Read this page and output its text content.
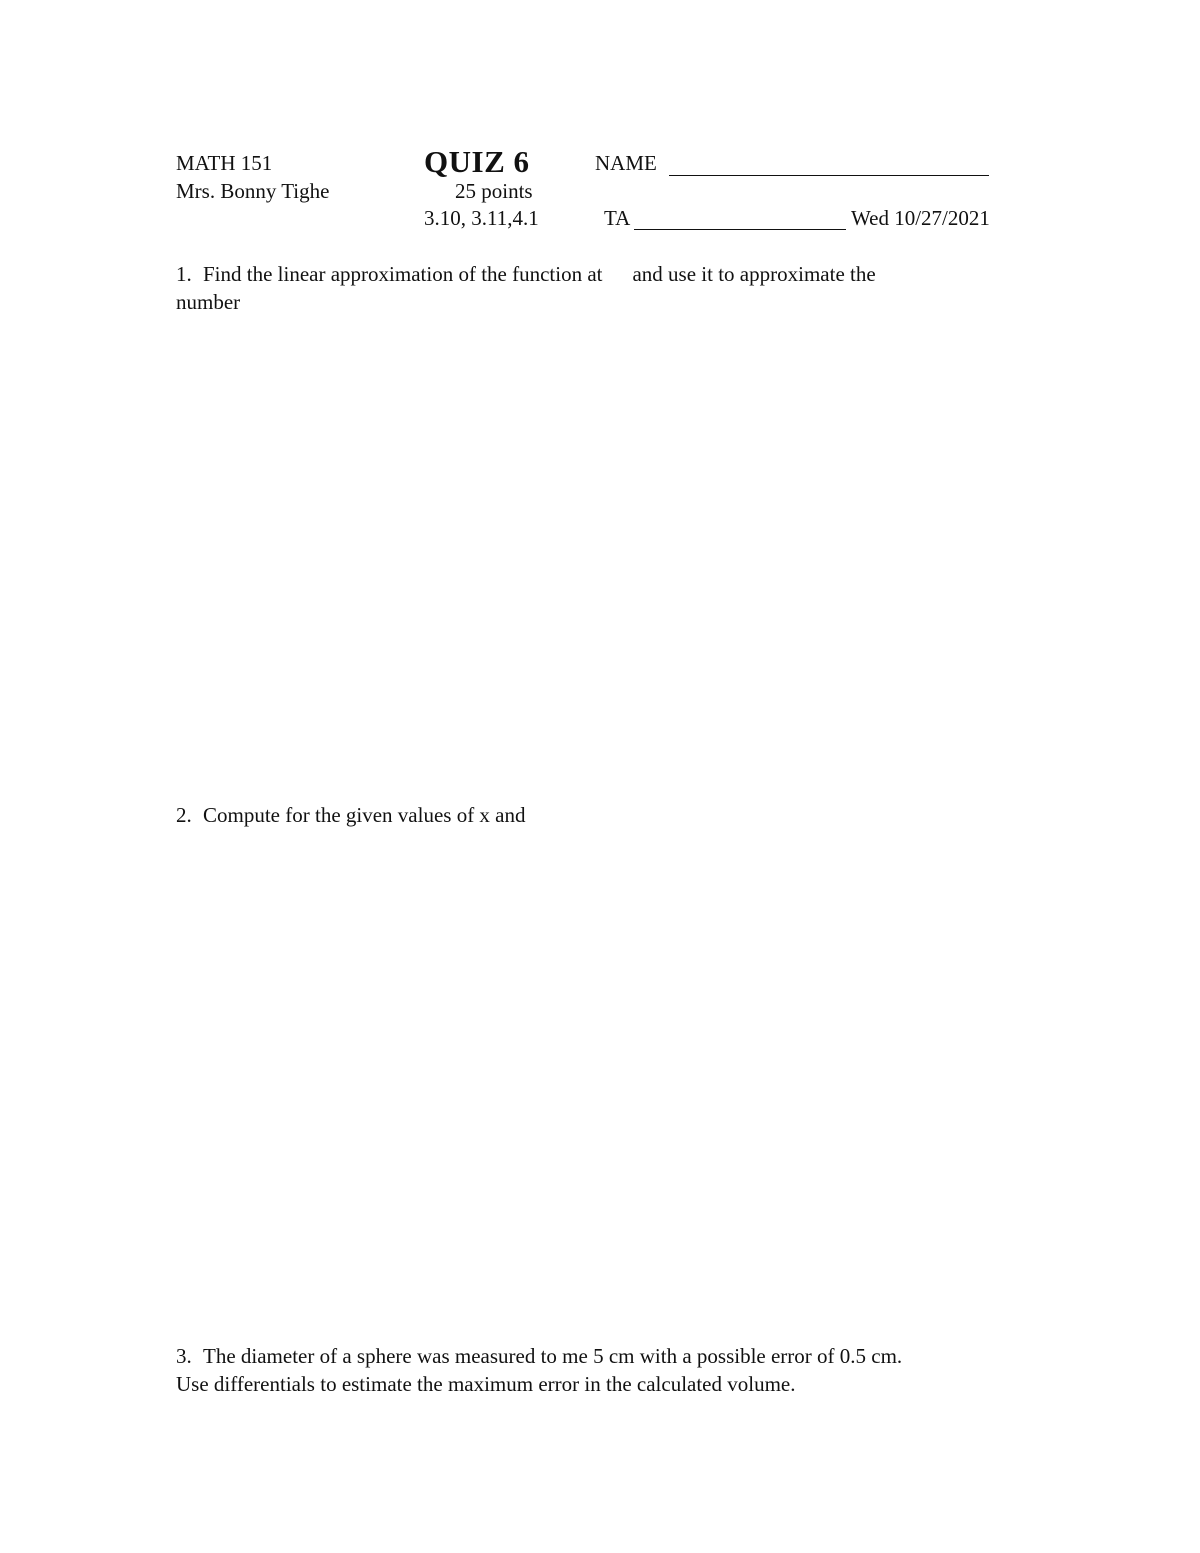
MATH 151
Mrs. Bonny Tighe
QUIZ 6
25 points
3.10, 3.11,4.1
NAME
TA	Wed 10/27/2021
1. Find the linear approximation of the function at and use it to approximate the
number
2. Compute for the given values of x and
3. The diameter of a sphere was measured to me 5 cm with a possible error of 0.5 cm.
Use differentials to estimate the maximum error in the calculated volume.
